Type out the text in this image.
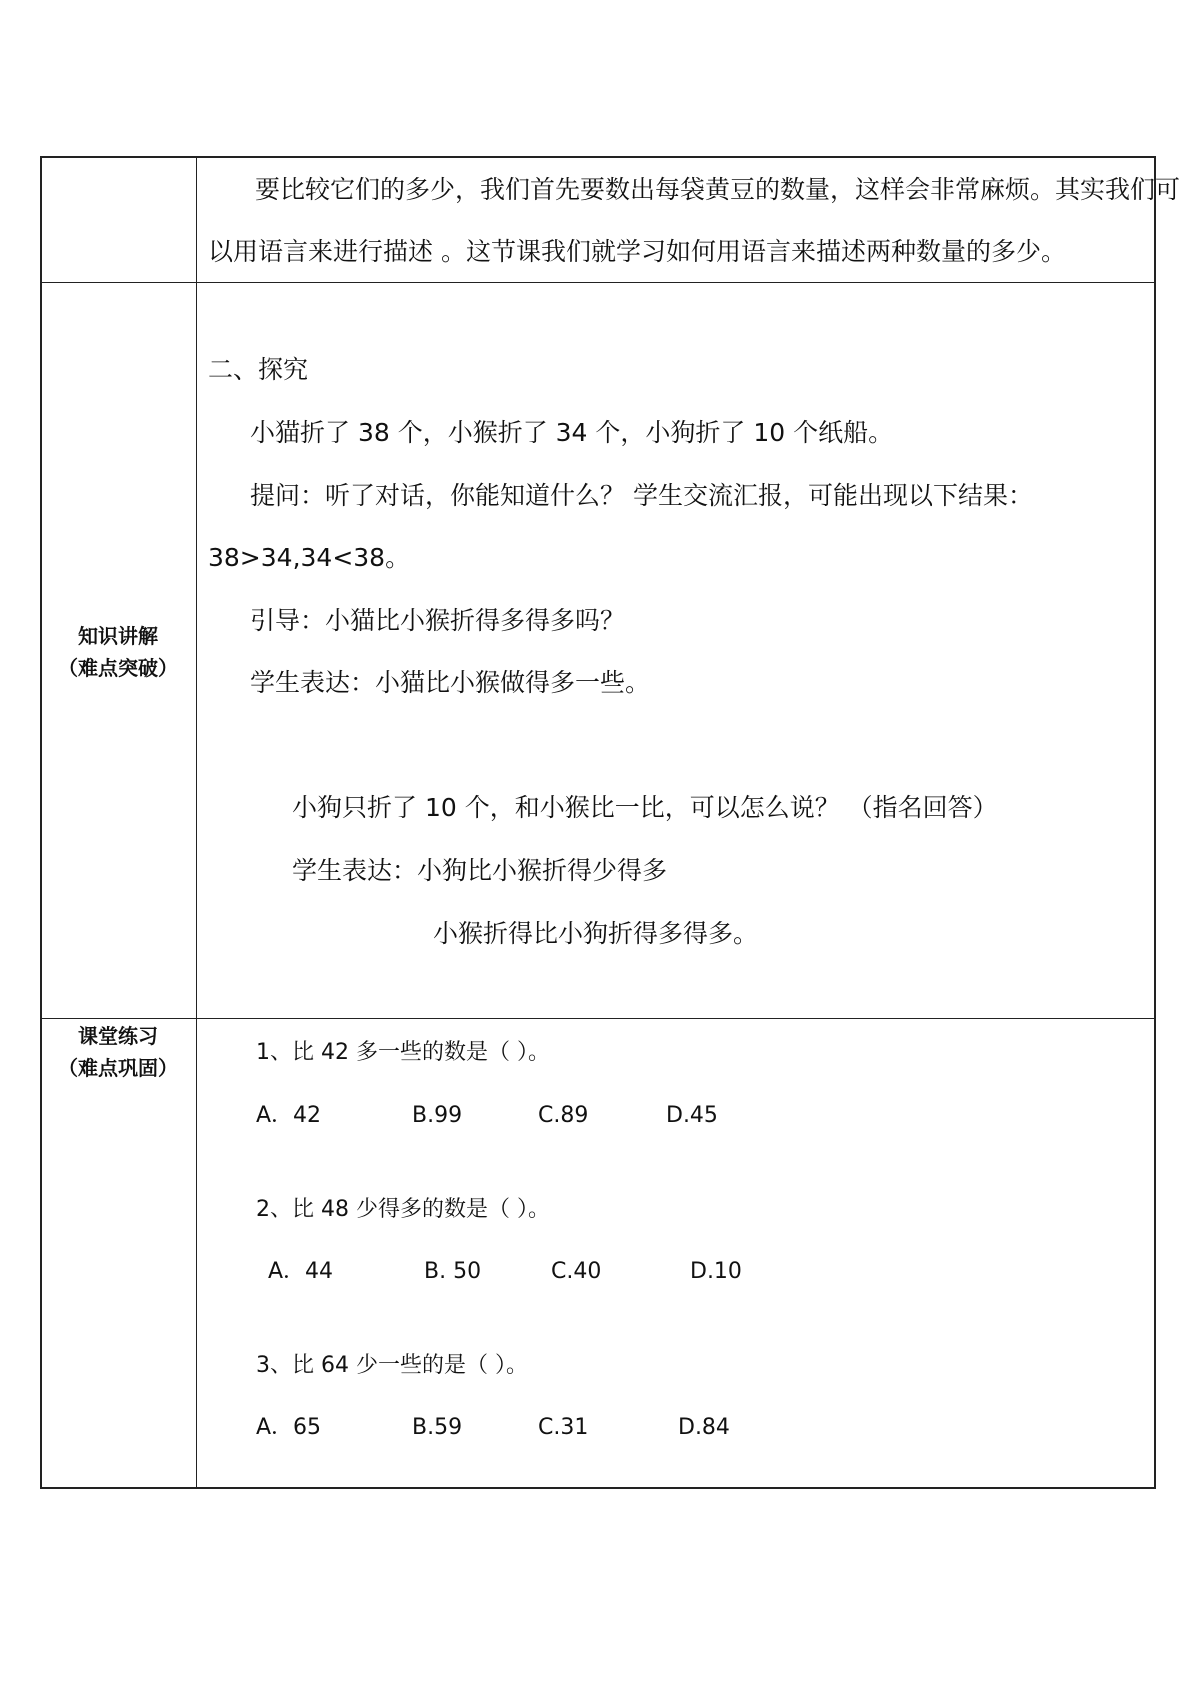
要比较它们的多少，我们首先要数出每袋黄豆的数量，这样会非常麻烦。其实我们可
以用语言来进行描述 。这节课我们就学习如何用语言来描述两种数量的多少。
知识讲解
（难点突破）
二、探究
小猫折了 38 个，小猴折了 34 个，小狗折了 10 个纸船。
提问：听了对话，你能知道什么？ 学生交流汇报，可能出现以下结果：
38>34,34<38。
引导：小猫比小猴折得多得多吗？
学生表达：小猫比小猴做得多一些。
小狗只折了 10 个，和小猴比一比，可以怎么说？ （指名回答）
学生表达：小狗比小猴折得少得多
小猴折得比小狗折得多得多。
课堂练习
（难点巩固）
1、比 42 多一些的数是（ ）。
A．42	B.99	C.89	D.45
2、比 48 少得多的数是（ ）。
A．44	B. 50	C.40	D.10
3、比 64 少一些的是（ ）。
A．65	B.59	C.31	D.84
